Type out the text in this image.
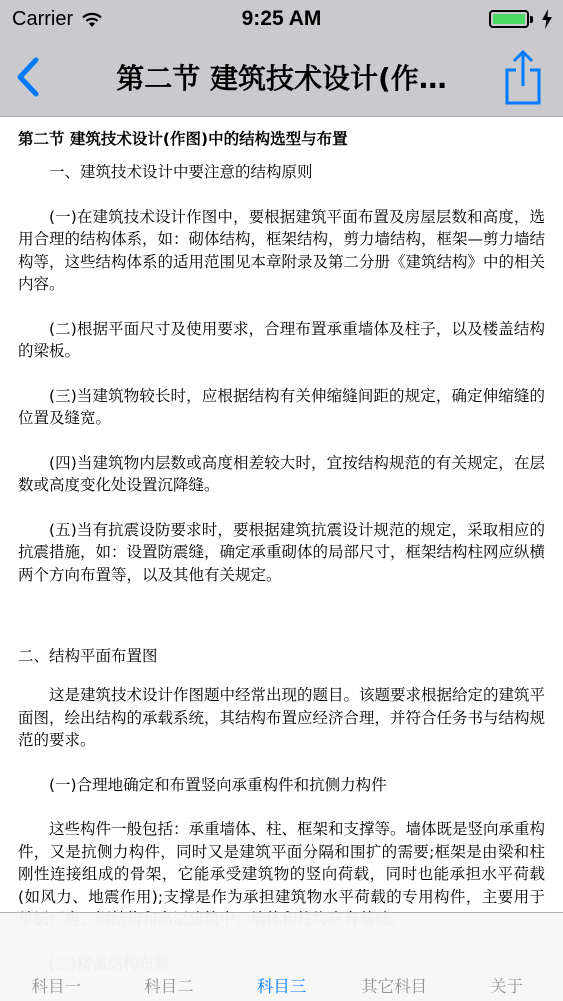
Carrier	9:25 AM
第二节 建筑技术设计(作…
第二节 建筑技术设计(作图)中的结构选型与布置

一、建筑技术设计中要注意的结构原则

(一)在建筑技术设计作图中，要根据建筑平面布置及房屋层数和高度，选用合理的结构体系，如：砌体结构，框架结构，剪力墙结构，框架—剪力墙结构等，这些结构体系的适用范围见本章附录及第二分册《建筑结构》中的相关内容。

(二)根据平面尺寸及使用要求，合理布置承重墙体及柱子，以及楼盖结构的梁板。

(三)当建筑物较长时，应根据结构有关伸缩缝间距的规定，确定伸缩缝的位置及缝宽。

(四)当建筑物内层数或高度相差较大时，宜按结构规范的有关规定，在层数或高度变化处设置沉降缝。

(五)当有抗震设防要求时，要根据建筑抗震设计规范的规定，采取相应的抗震措施，如：设置防震缝，确定承重砌体的局部尺寸，框架结构柱网应纵横两个方向布置等，以及其他有关规定。

二、结构平面布置图

这是建筑技术设计作图题中经常出现的题目。该题要求根据给定的建筑平面图，绘出结构的承载系统，其结构布置应经济合理，并符合任务书与结构规范的要求。

(一)合理地确定和布置竖向承重构件和抗侧力构件

这些构件一般包括：承重墙体、柱、框架和支撑等。墙体既是竖向承重构件，又是抗侧力构件，同时又是建筑平面分隔和围扩的需要;框架是由梁和柱刚性连接组成的骨架，它能承受建筑物的竖向荷载，同时也能承担水平荷载(如风力、地震作用);支撑是作为承担建筑物水平荷载的专用构件，主要用于

科目一	科目二	科目三	其它科目	关于
